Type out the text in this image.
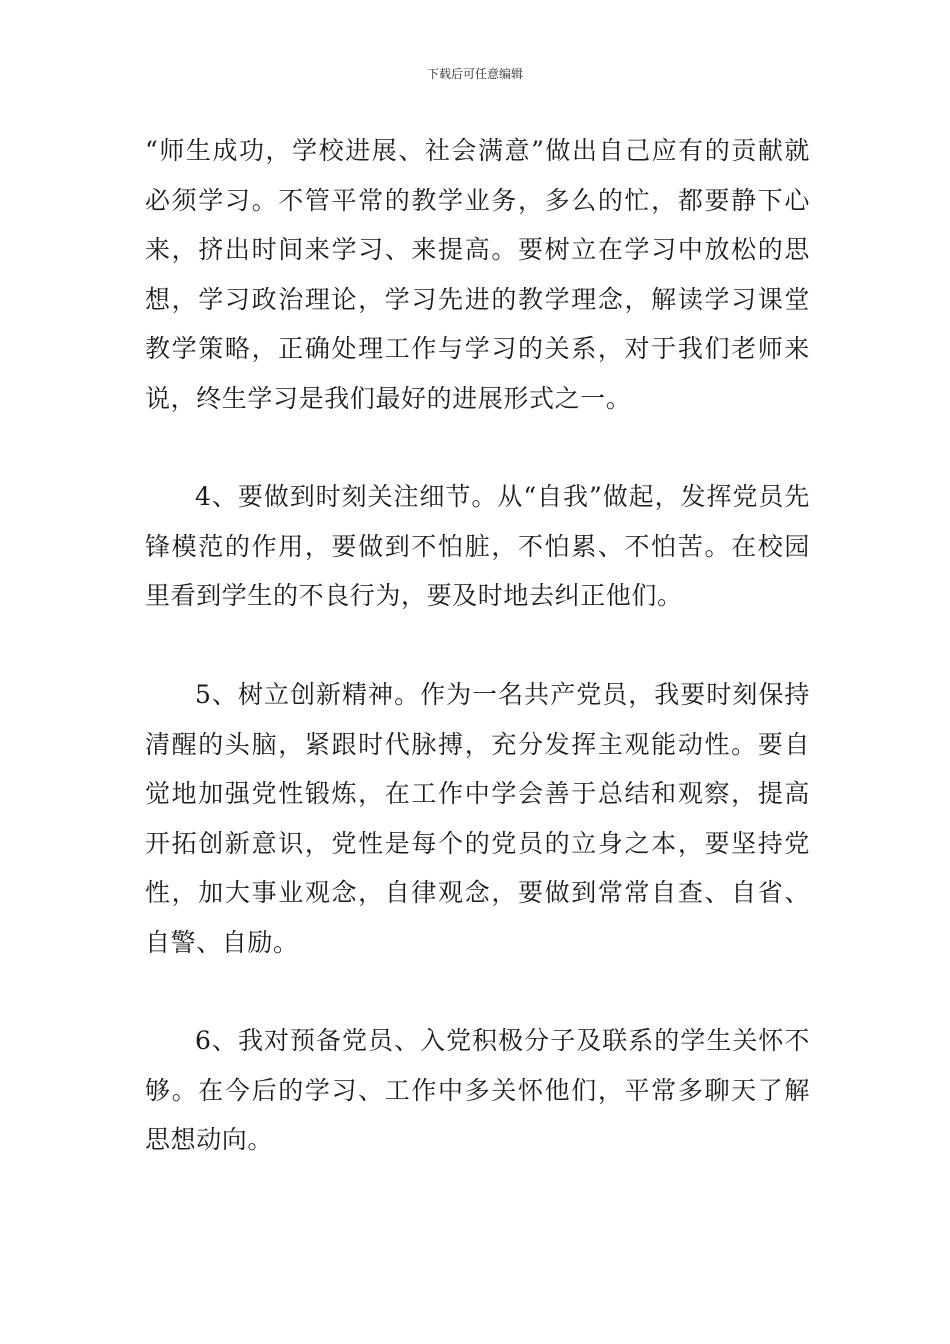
下载后可任意编辑

“师生成功，学校进展、社会满意”做出自己应有的贡献就必须学习。不管平常的教学业务，多么的忙，都要静下心来，挤出时间来学习、来提高。要树立在学习中放松的思想，学习政治理论，学习先进的教学理念，解读学习课堂教学策略，正确处理工作与学习的关系，对于我们老师来说，终生学习是我们最好的进展形式之一。

4、要做到时刻关注细节。从“自我”做起，发挥党员先锋模范的作用，要做到不怕脏，不怕累、不怕苦。在校园里看到学生的不良行为，要及时地去纠正他们。

5、树立创新精神。作为一名共产党员，我要时刻保持清醒的头脑，紧跟时代脉搏，充分发挥主观能动性。要自觉地加强党性锻炼，在工作中学会善于总结和观察，提高开拓创新意识，党性是每个的党员的立身之本，要坚持党性，加大事业观念，自律观念，要做到常常自查、自省、自警、自励。

6、我对预备党员、入党积极分子及联系的学生关怀不够。在今后的学习、工作中多关怀他们，平常多聊天了解思想动向。
